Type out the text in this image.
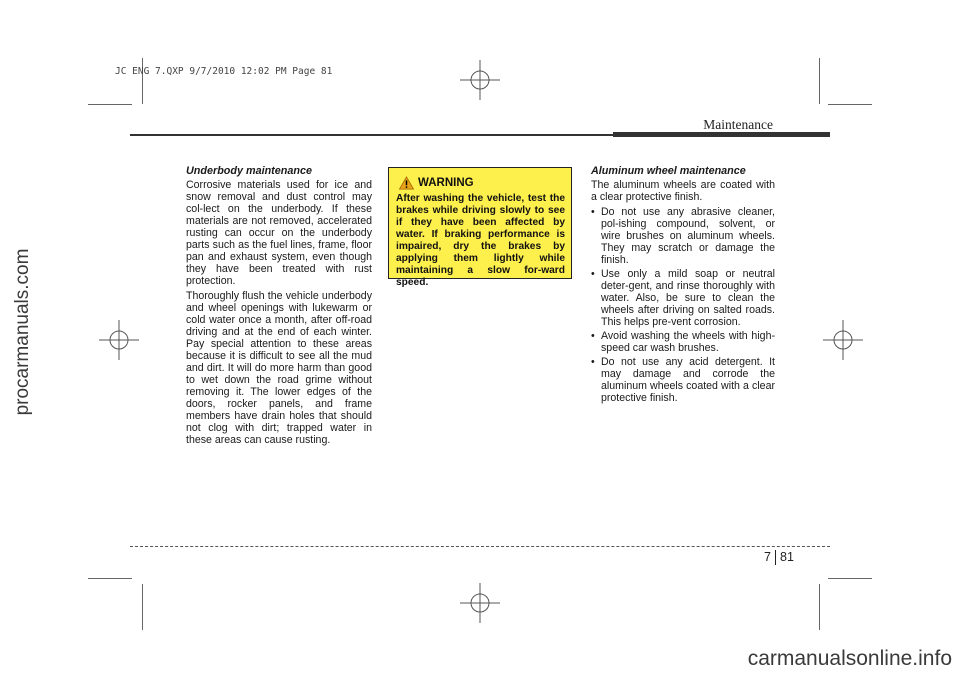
JC ENG 7.QXP 9/7/2010 12:02 PM Page 81
procarmanuals.com
Maintenance
Underbody maintenance

Corrosive materials used for ice and snow removal and dust control may col-lect on the underbody. If these materials are not removed, accelerated rusting can occur on the underbody parts such as the fuel lines, frame, floor pan and exhaust system, even though they have been treated with rust protection.

Thoroughly flush the vehicle underbody and wheel openings with lukewarm or cold water once a month, after off-road driving and at the end of each winter. Pay special attention to these areas because it is difficult to see all the mud and dirt. It will do more harm than good to wet down the road grime without removing it. The lower edges of the doors, rocker panels, and frame members have drain holes that should not clog with dirt; trapped water in these areas can cause rusting.

WARNING

After washing the vehicle, test the brakes while driving slowly to see if they have been affected by water. If braking performance is impaired, dry the brakes by applying them lightly while maintaining a slow for-ward speed.

Aluminum wheel maintenance

The aluminum wheels are coated with a clear protective finish.

• Do not use any abrasive cleaner, pol-ishing compound, solvent, or wire brushes on aluminum wheels. They may scratch or damage the finish.
• Use only a mild soap or neutral deter-gent, and rinse thoroughly with water. Also, be sure to clean the wheels after driving on salted roads. This helps pre-vent corrosion.
• Avoid washing the wheels with high-speed car wash brushes.
• Do not use any acid detergent. It may damage and corrode the aluminum wheels coated with a clear protective finish.
7 81
carmanualsonline.info
